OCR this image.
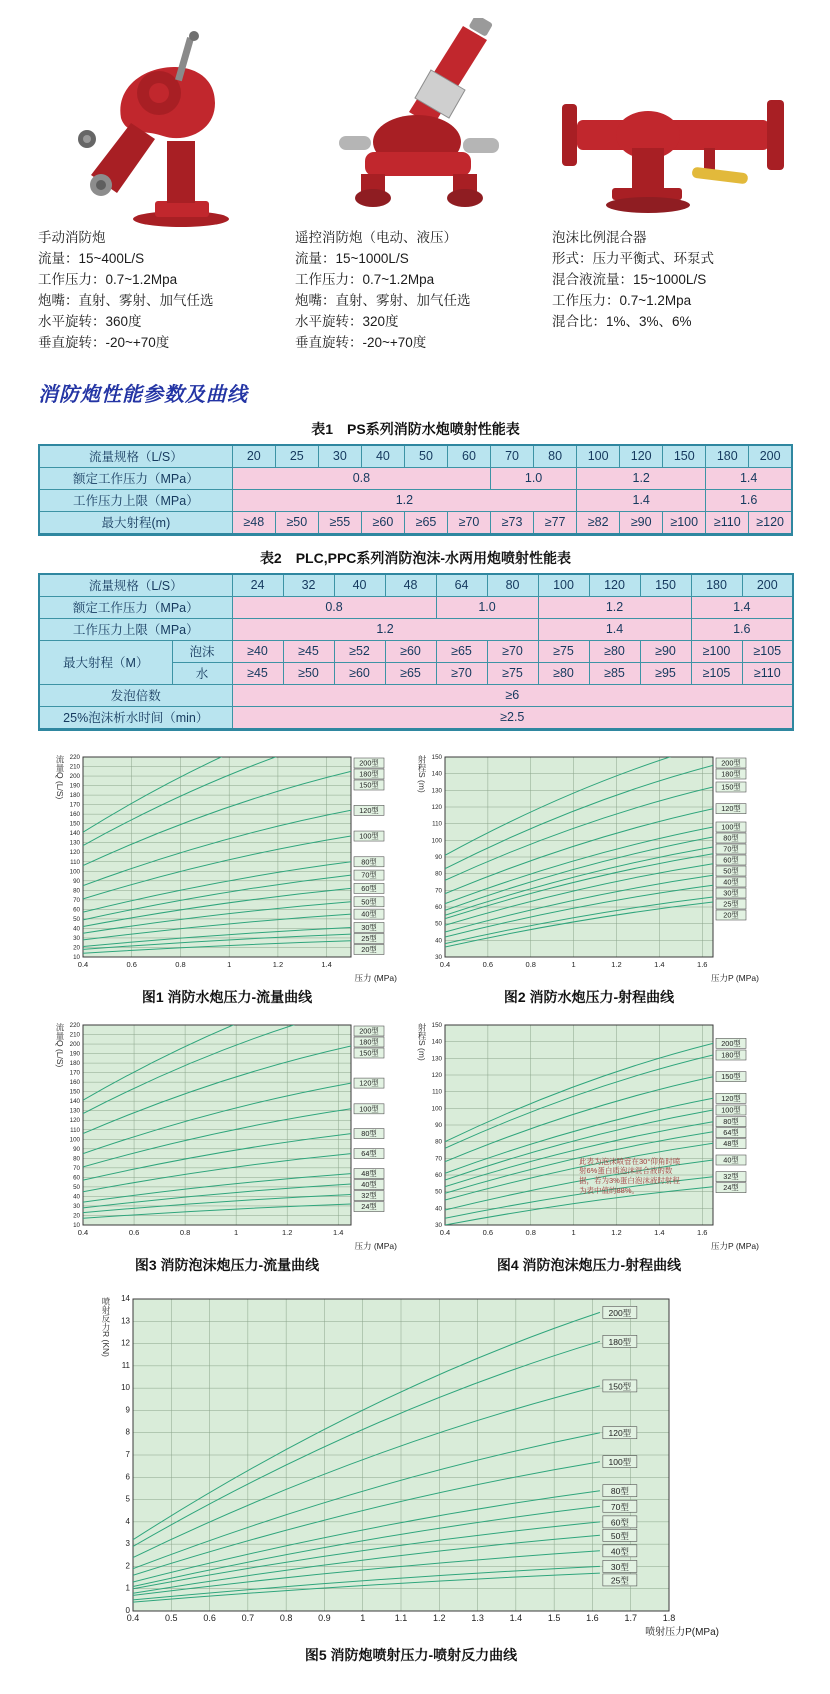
手动消防炮
流量：15~400L/S
工作压力：0.7~1.2Mpa
炮嘴：直射、雾射、加气任选
水平旋转：360度
垂直旋转：-20~+70度
遥控消防炮（电动、液压）
流量：15~1000L/S
工作压力：0.7~1.2Mpa
炮嘴：直射、雾射、加气任选
水平旋转：320度
垂直旋转：-20~+70度
泡沫比例混合器
形式：压力平衡式、环泵式
混合液流量：15~1000L/S
工作压力：0.7~1.2Mpa
混合比：1%、3%、6%
消防炮性能参数及曲线
表1　PS系列消防水炮喷射性能表
流量规格（L/S）	20	25	30	40	50	60	70	80	100	120	150	180	200
额定工作压力（MPa）	0.8						1.0		1.2			1.4	
工作压力上限（MPa）	1.2								1.4			1.6	
最大射程(m)	≥48	≥50	≥55	≥60	≥65	≥70	≥73	≥77	≥82	≥90	≥100	≥110	≥120
表2　PLC,PPC系列消防泡沫-水两用炮喷射性能表
流量规格（L/S）		24	32	40	48	64	80	100	120	150	180	200
额定工作压力（MPa）		0.8				1.0		1.2			1.4	
工作压力上限（MPa）		1.2						1.4			1.6	
最大射程（M）	泡沫	≥40	≥45	≥52	≥60	≥65	≥70	≥75	≥80	≥90	≥100	≥105
	水	≥45	≥50	≥60	≥65	≥70	≥75	≥80	≥85	≥95	≥105	≥110
发泡倍数		≥6										
25%泡沫析水时间（min）		≥2.5										
10
20
30
40
50
60
70
80
90
100
110
120
130
140
150
160
170
180
190
200
210
220
0.4	0.6	0.8	1	1.2	1.4
200型
180型
150型
120型
100型
80型
70型
60型
50型
40型
30型
25型
20型
压力 (MPa)
流量Q (L/S)
图1 消防水炮压力-流量曲线
30
40
50
60
70
80
90
100
110
120
130
140
150
0.4	0.6	0.8	1	1.2	1.4	1.6
200型
180型
150型
120型
100型
80型
70型
60型
50型
40型
30型
25型
20型
压力P (MPa)
射程S (m)
图2 消防水炮压力-射程曲线
10
20
30
40
50
60
70
80
90
100
110
120
130
140
150
160
170
180
190
200
210
220
0.4	0.6	0.8	1	1.2	1.4
200型
180型
150型
120型
100型
80型
64型
48型
40型
32型
24型
压力 (MPa)
流量Q (L/S)
图3 消防泡沫炮压力-流量曲线
30
40
50
60
70
80
90
100
110
120
130
140
150
0.4	0.6	0.8	1	1.2	1.4	1.6
200型
180型
150型
120型
100型
80型
64型
48型
40型
32型
24型
压力P (MPa)
射程S (m)
此表为泡沫喷管在30°仰角时喷射6%蛋白质泡沫混合液的数据，若为3%蛋白泡沫液时射程为表中值的88%。
图4 消防泡沫炮压力-射程曲线
0
1
2
3
4
5
6
7
8
9
10
11
12
13
14
0.4	0.5	0.6	0.7	0.8	0.9	1	1.1	1.2	1.3	1.4	1.5	1.6	1.7	1.8
200型
180型
150型
120型
100型
80型
70型
60型
50型
40型
30型
25型
喷射压力P(MPa)
喷射反力R (KN)
图5 消防炮喷射压力-喷射反力曲线
